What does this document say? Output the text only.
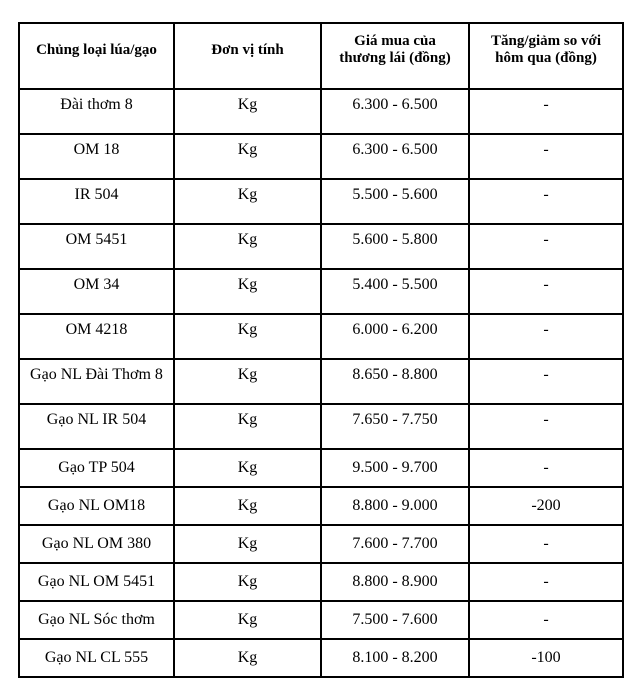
Chủng loại lúa/gạo	Đơn vị tính	Giá mua của thương lái (đồng)	Tăng/giảm so với hôm qua (đồng)
Đài thơm 8	Kg	6.300 - 6.500	-
OM 18	Kg	6.300 - 6.500	-
IR 504	Kg	5.500 - 5.600	-
OM 5451	Kg	5.600 - 5.800	-
OM 34	Kg	5.400 - 5.500	-
OM 4218	Kg	6.000 - 6.200	-
Gạo NL Đài Thơm 8	Kg	8.650 - 8.800	-
Gạo NL IR 504	Kg	7.650 - 7.750	-
Gạo TP 504	Kg	9.500 - 9.700	-
Gạo NL OM18	Kg	8.800 - 9.000	-200
Gạo NL OM 380	Kg	7.600 - 7.700	-
Gạo NL OM 5451	Kg	8.800 - 8.900	-
Gạo NL Sóc thơm	Kg	7.500 - 7.600	-
Gạo NL CL 555	Kg	8.100 - 8.200	-100
